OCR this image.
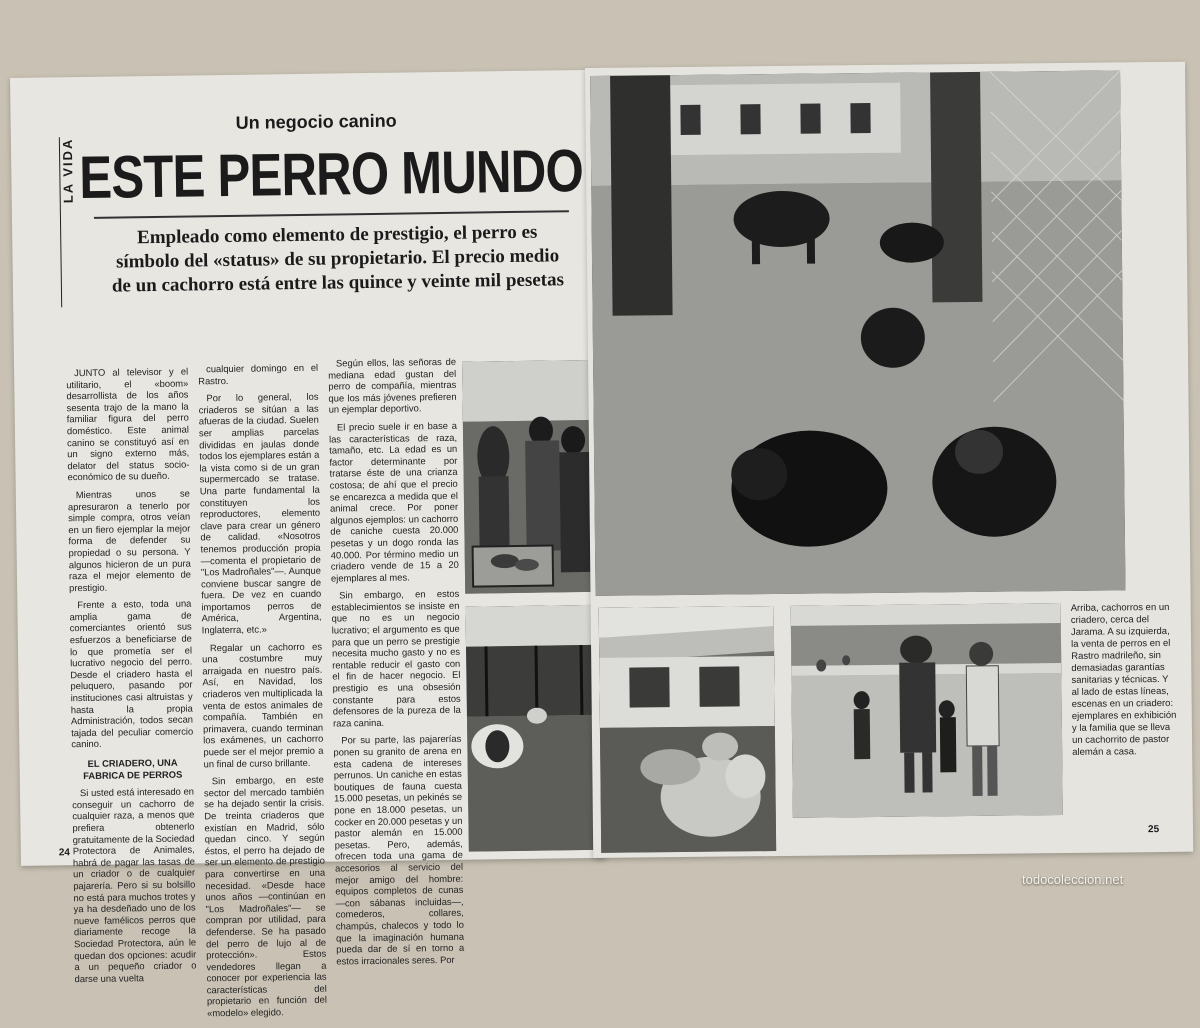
LA VIDA
Un negocio canino
ESTE PERRO MUNDO
Empleado como elemento de prestigio, el perro es símbolo del «status» de su propietario. El precio medio de un cachorro está entre las quince y veinte mil pesetas

JUNTO al televisor y el utilitario, el «boom» desarrollista de los años sesenta trajo de la mano la familiar figura del perro doméstico. Este animal canino se constituyó así en un signo externo más, delator del status socio-económico de su dueño.

Mientras unos se apresuraron a tenerlo por simple compra, otros veían en un fiero ejemplar la mejor forma de defender su propiedad o su persona. Y algunos hicieron de un pura raza el mejor elemento de prestigio.

Frente a esto, toda una amplia gama de comerciantes orientó sus esfuerzos a beneficiarse de lo que prometía ser el lucrativo negocio del perro. Desde el criadero hasta el peluquero, pasando por instituciones casi altruistas y hasta la propia Administración, todos secan tajada del peculiar comercio canino.

EL CRIADERO, UNA FABRICA DE PERROS

Si usted está interesado en conseguir un cachorro de cualquier raza, a menos que prefiera obtenerlo gratuitamente de la Sociedad Protectora de Animales, habrá de pagar las tasas de un criador o de cualquier pajarería. Pero si su bolsillo no está para muchos trotes y ya ha desdeñado uno de los nueve famélicos perros que diariamente recoge la Sociedad Protectora, aún le quedan dos opciones: acudir a un pequeño criador o darse una vuelta

cualquier domingo en el Rastro.

Por lo general, los criaderos se sitúan a las afueras de la ciudad. Suelen ser amplias parcelas divididas en jaulas donde todos los ejemplares están a la vista como si de un gran supermercado se tratase. Una parte fundamental la constituyen los reproductores, elemento clave para crear un género de calidad. «Nosotros tenemos producción propia —comenta el propietario de "Los Madroñales"—. Aunque conviene buscar sangre de fuera. De vez en cuando importamos perros de América, Argentina, Inglaterra, etc.»

Regalar un cachorro es una costumbre muy arraigada en nuestro país. Así, en Navidad, los criaderos ven multiplicada la venta de estos animales de compañía. También en primavera, cuando terminan los exámenes, un cachorro puede ser el mejor premio a un final de curso brillante.

Sin embargo, en este sector del mercado también se ha dejado sentir la crisis. De treinta criaderos que existían en Madrid, sólo quedan cinco. Y según éstos, el perro ha dejado de ser un elemento de prestigio para convertirse en una necesidad. «Desde hace unos años —continúan en "Los Madroñales"— se compran por utilidad, para defenderse. Se ha pasado del perro de lujo al de protección». Estos vendedores llegan a conocer por experiencia las características del propietario en función del «modelo» elegido.

Según ellos, las señoras de mediana edad gustan del perro de compañía, mientras que los más jóvenes prefieren un ejemplar deportivo.

El precio suele ir en base a las características de raza, tamaño, etc. La edad es un factor determinante por tratarse éste de una crianza costosa; de ahí que el precio se encarezca a medida que el animal crece. Por poner algunos ejemplos: un cachorro de caniche cuesta 20.000 pesetas y un dogo ronda las 40.000. Por término medio un criadero vende de 15 a 20 ejemplares al mes.

Sin embargo, en estos establecimientos se insiste en que no es un negocio lucrativo; el argumento es que para que un perro se prestigie necesita mucho gasto y no es rentable reducir el gasto con el fin de hacer negocio. El prestigio es una obsesión constante para estos defensores de la pureza de la raza canina.

Por su parte, las pajarerías ponen su granito de arena en esta cadena de intereses perrunos. Un caniche en estas boutiques de fauna cuesta 15.000 pesetas, un pekinés se pone en 18.000 pesetas, un cocker en 20.000 pesetas y un pastor alemán en 15.000 pesetas. Pero, además, ofrecen toda una gama de accesorios al servicio del mejor amigo del hombre: equipos completos de cunas —con sábanas incluidas—, comederos, collares, champús, chalecos y todo lo que la imaginación humana pueda dar de sí en torno a estos irracionales seres. Por

24
Arriba, cachorros en un criadero, cerca del Jarama. A su izquierda, la venta de perros en el Rastro madrileño, sin demasiadas garantías sanitarias y técnicas. Y al lado de estas líneas, escenas en un criadero: ejemplares en exhibición y la familia que se lleva un cachorrito de pastor alemán a casa.
25
todocoleccion.net
